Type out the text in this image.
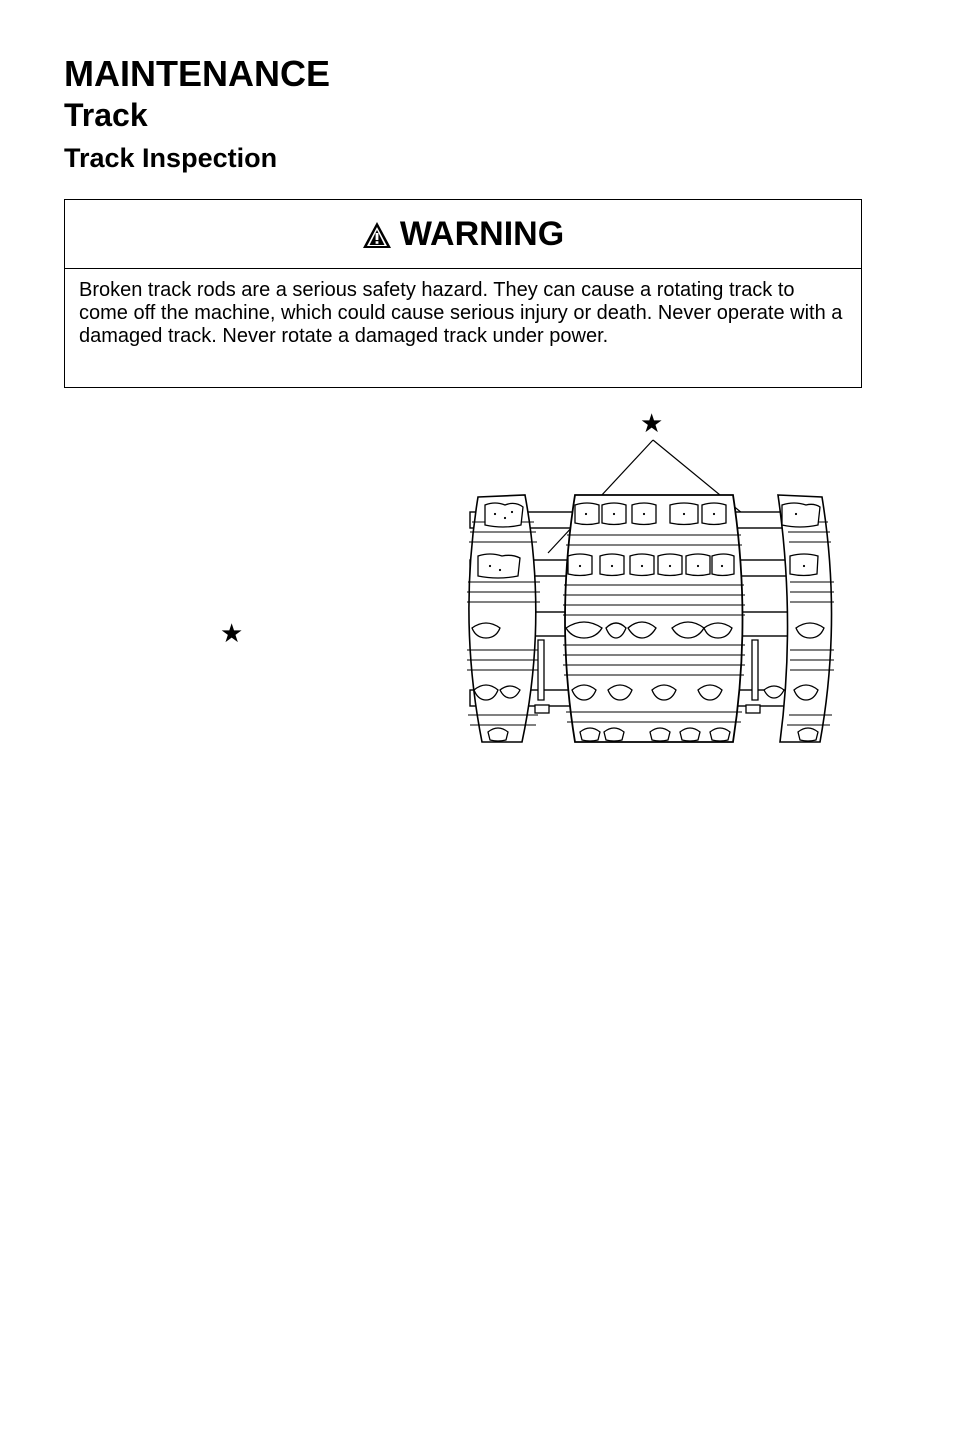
MAINTENANCE
Track
Track Inspection
WARNING
Broken track rods are a serious safety hazard. They can cause a rotating track to come off the machine, which could cause serious injury or death. Never operate with a damaged track. Never rotate a damaged track under power.
★
★
